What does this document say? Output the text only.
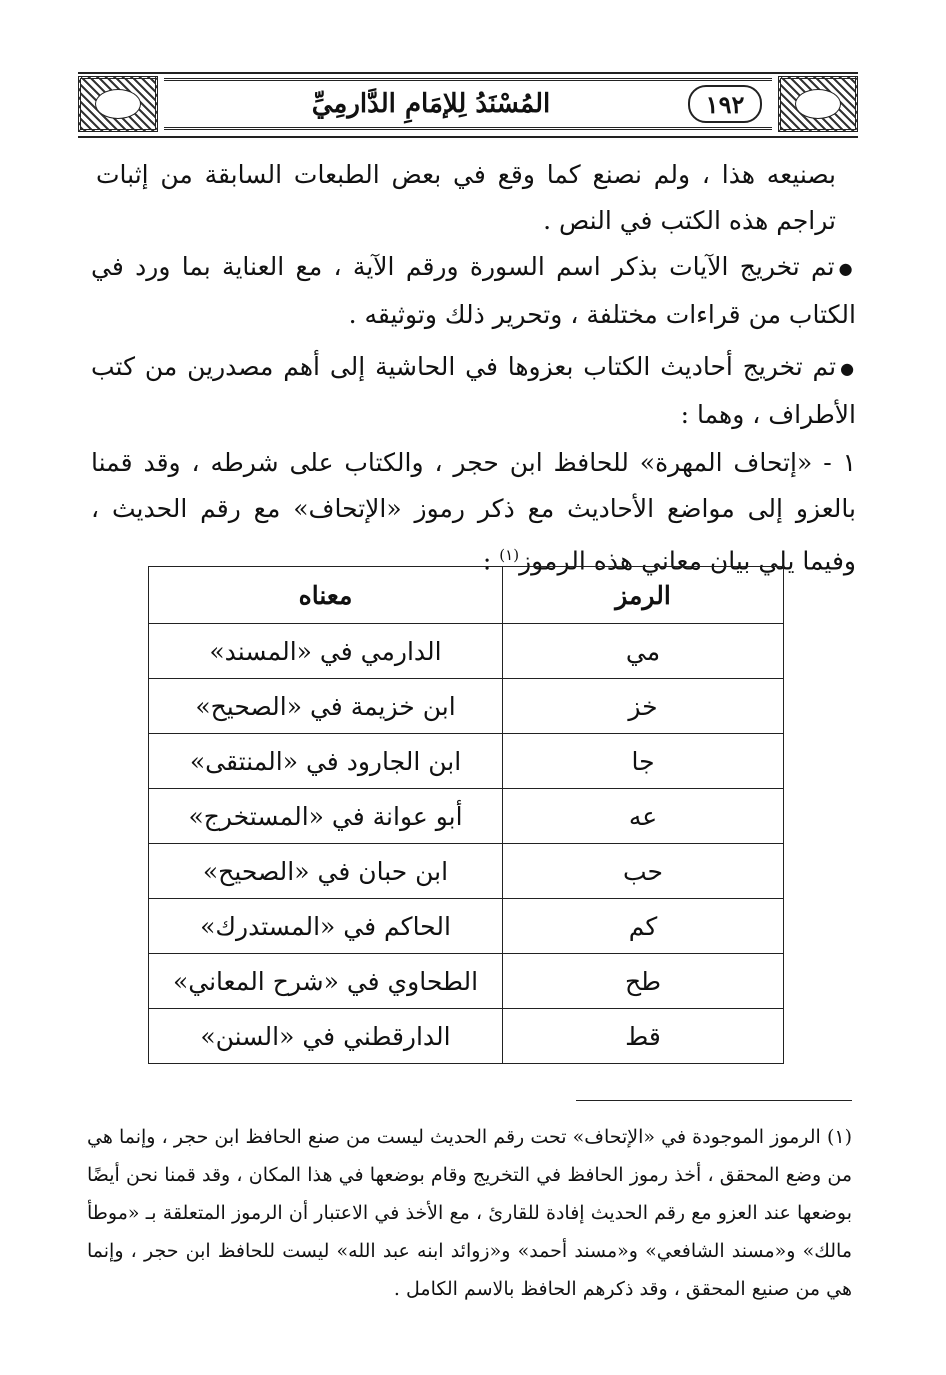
١٩٢
المُسْنَدُ لِلإمَامِ الدَّارمِيِّ
بصنيعه هذا ، ولم نصنع كما وقع في بعض الطبعات السابقة من إثبات تراجم هذه الكتب في النص .
● تم تخريج الآيات بذكر اسم السورة ورقم الآية ، مع العناية بما ورد في الكتاب من قراءات مختلفة ، وتحرير ذلك وتوثيقه .
● تم تخريج أحاديث الكتاب بعزوها في الحاشية إلى أهم مصدرين من كتب الأطراف ، وهما :
١ - «إتحاف المهرة» للحافظ ابن حجر ، والكتاب على شرطه ، وقد قمنا بالعزو إلى مواضع الأحاديث مع ذكر رموز «الإتحاف» مع رقم الحديث ، وفيما يلي بيان معاني هذه الرموز$^{(١)}$ :
الرمز	معناه
مي	الدارمي في «المسند»
خز	ابن خزيمة في «الصحيح»
جا	ابن الجارود في «المنتقى»
عه	أبو عوانة في «المستخرج»
حب	ابن حبان في «الصحيح»
كم	الحاكم في «المستدرك»
طح	الطحاوي في «شرح المعاني»
قط	الدارقطني في «السنن»
(١) الرموز الموجودة في «الإتحاف» تحت رقم الحديث ليست من صنع الحافظ ابن حجر ، وإنما هي من وضع المحقق ، أخذ رموز الحافظ في التخريج وقام بوضعها في هذا المكان ، وقد قمنا نحن أيضًا بوضعها عند العزو مع رقم الحديث إفادة للقارئ ، مع الأخذ في الاعتبار أن الرموز المتعلقة بـ «موطأ مالك» و«مسند الشافعي» و«مسند أحمد» و«زوائد ابنه عبد الله» ليست للحافظ ابن حجر ، وإنما هي من صنيع المحقق ، وقد ذكرهم الحافظ بالاسم الكامل .
